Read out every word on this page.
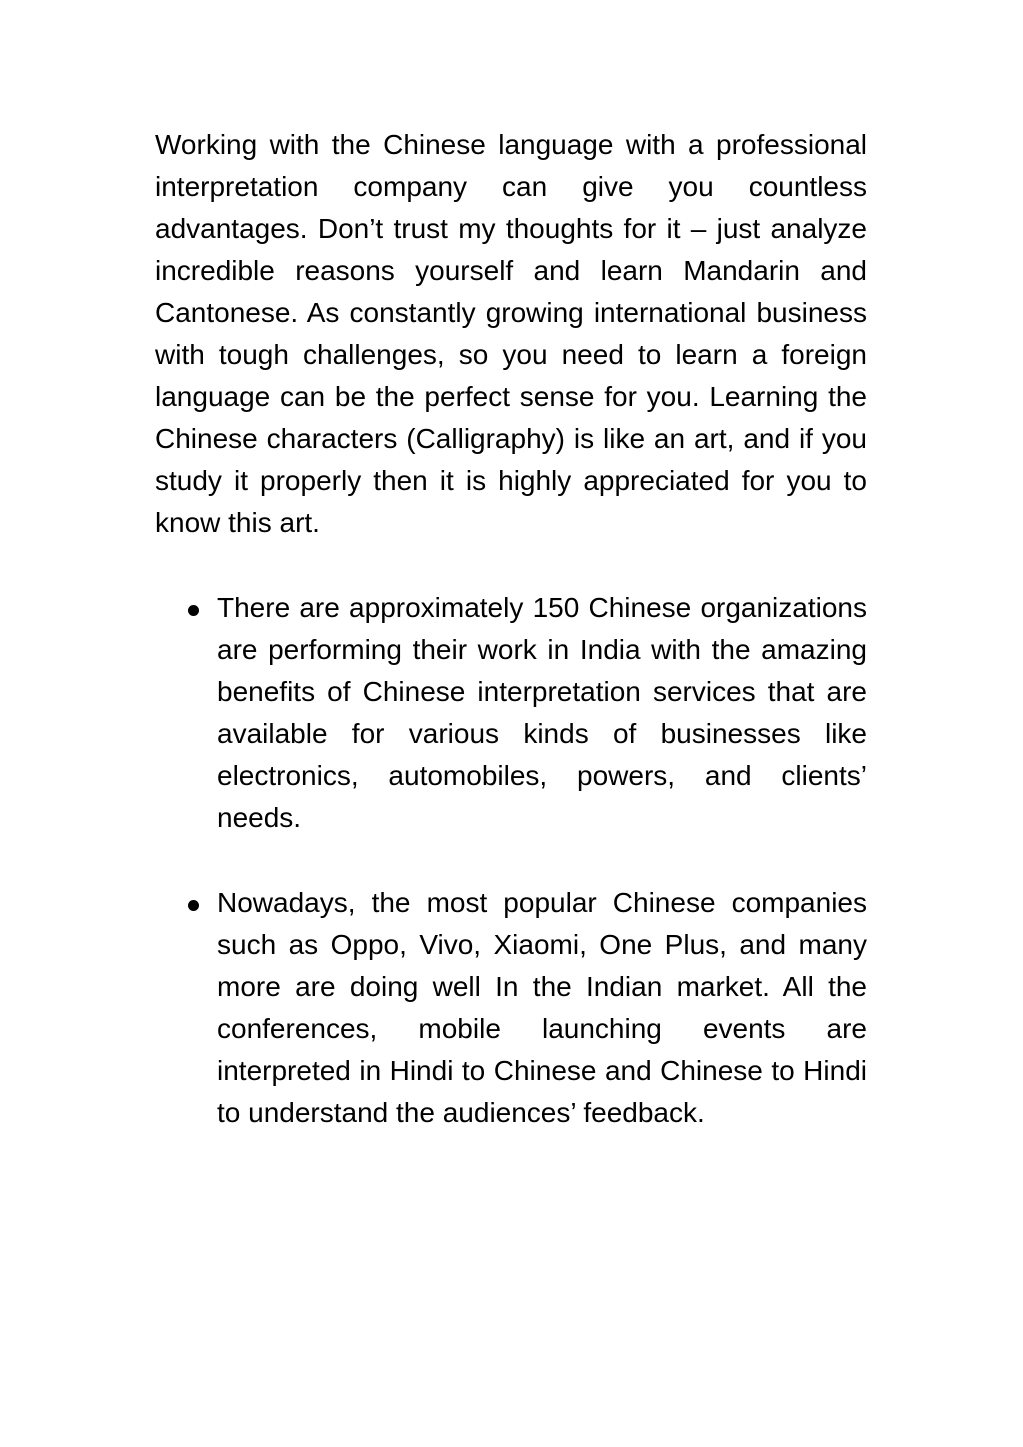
Working with the Chinese language with a professional interpretation company can give you countless advantages. Don’t trust my thoughts for it – just analyze incredible reasons yourself and learn Mandarin and Cantonese. As constantly growing international business with tough challenges, so you need to learn a foreign language can be the perfect sense for you. Learning the Chinese characters (Calligraphy) is like an art, and if you study it properly then it is highly appreciated for you to know this art.

There are approximately 150 Chinese organizations are performing their work in India with the amazing benefits of Chinese interpretation services that are available for various kinds of businesses like electronics, automobiles, powers, and clients’ needs.

Nowadays, the most popular Chinese companies such as Oppo, Vivo, Xiaomi, One Plus, and many more are doing well In the Indian market. All the conferences, mobile launching events are interpreted in Hindi to Chinese and Chinese to Hindi to understand the audiences’ feedback.
